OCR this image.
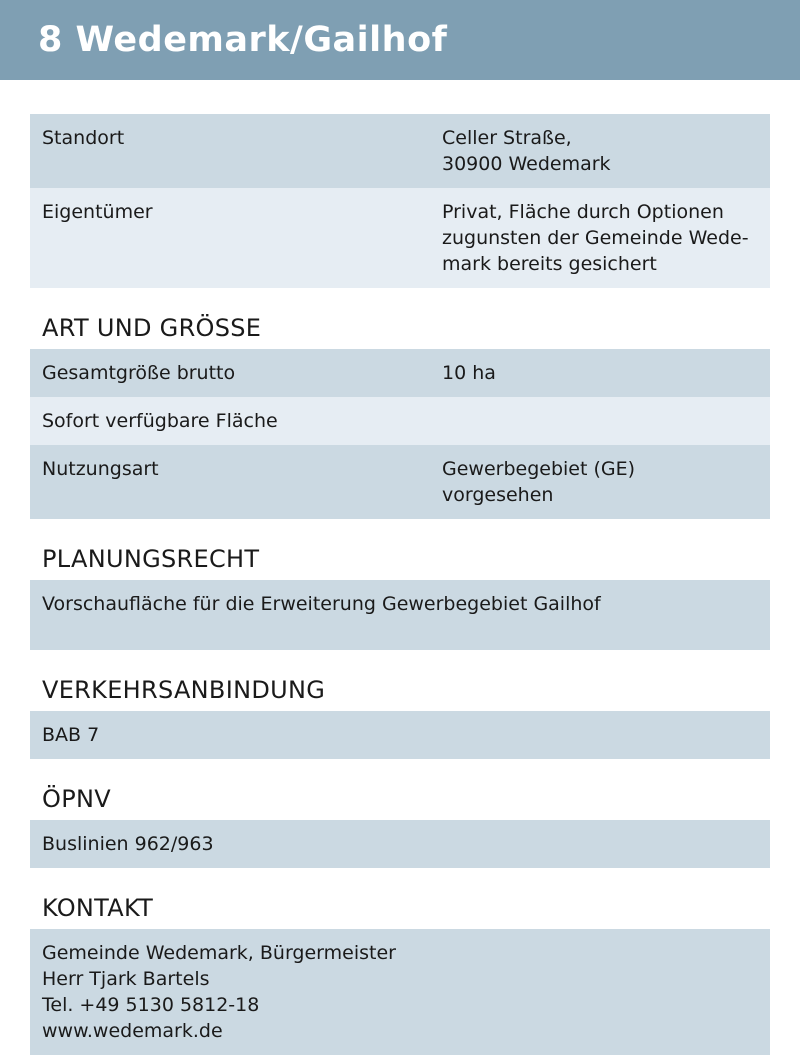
8 Wedemark/Gailhof
Standort	Celler Straße,
30900 Wedemark
Eigentümer	Privat, Fläche durch Optionen
zugunsten der Gemeinde Wede-
mark bereits gesichert
ART UND GRÖSSE
Gesamtgröße brutto	10 ha
Sofort verfügbare Fläche
Nutzungsart	Gewerbegebiet (GE)
vorgesehen
PLANUNGSRECHT

Vorschaufläche für die Erweiterung Gewerbegebiet Gailhof

VERKEHRSANBINDUNG

BAB 7

ÖPNV

Buslinien 962/963

KONTAKT

Gemeinde Wedemark, Bürgermeister

Herr Tjark Bartels

Tel. +49 5130 5812-18

www.wedemark.de
